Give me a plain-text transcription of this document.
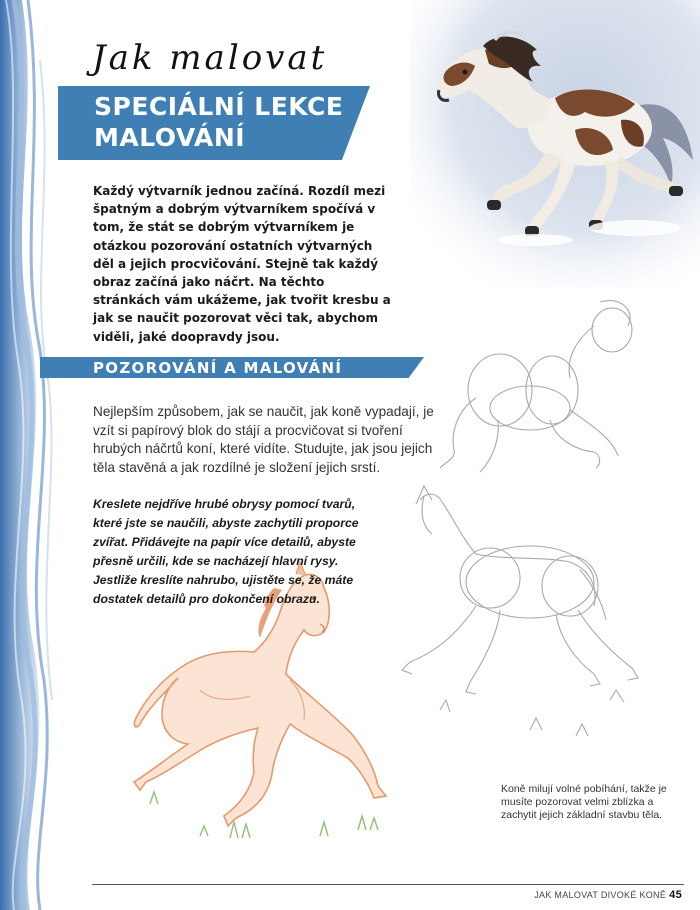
Jak malovat
SPECIÁLNÍ LEKCE
MALOVÁNÍ
Každý výtvarník jednou začíná. Rozdíl mezi špatným a dobrým výtvarníkem spočívá v tom, že stát se dobrým výtvarníkem je otázkou pozorování ostatních výtvarných děl a jejich procvičování. Stejně tak každý obraz začíná jako náčrt. Na těchto stránkách vám ukážeme, jak tvořit kresbu a jak se naučit pozorovat věci tak, abychom viděli, jaké doopravdy jsou.
POZOROVÁNÍ A MALOVÁNÍ
Nejlepším způsobem, jak se naučit, jak koně vypadají, je vzít si papírový blok do stájí a procvičovat si tvoření hrubých náčrtů koní, které vidíte. Studujte, jak jsou jejich těla stavěná a jak rozdílné je složení jejich srstí.
Kreslete nejdříve hrubé obrysy pomocí tvarů, které jste se naučili, abyste zachytili proporce zvířat. Přidávejte na papír více detailů, abyste přesně určili, kde se nacházejí hlavní rysy. Jestliže kreslíte nahrubo, ujistěte se, že máte dostatek detailů pro dokončení obrazu.
Koně milují volné pobíhání, takže je musíte pozorovat velmi zblízka a zachytit jejich základní stavbu těla.
JAK MALOVAT DIVOKÉ KONĚ 45
